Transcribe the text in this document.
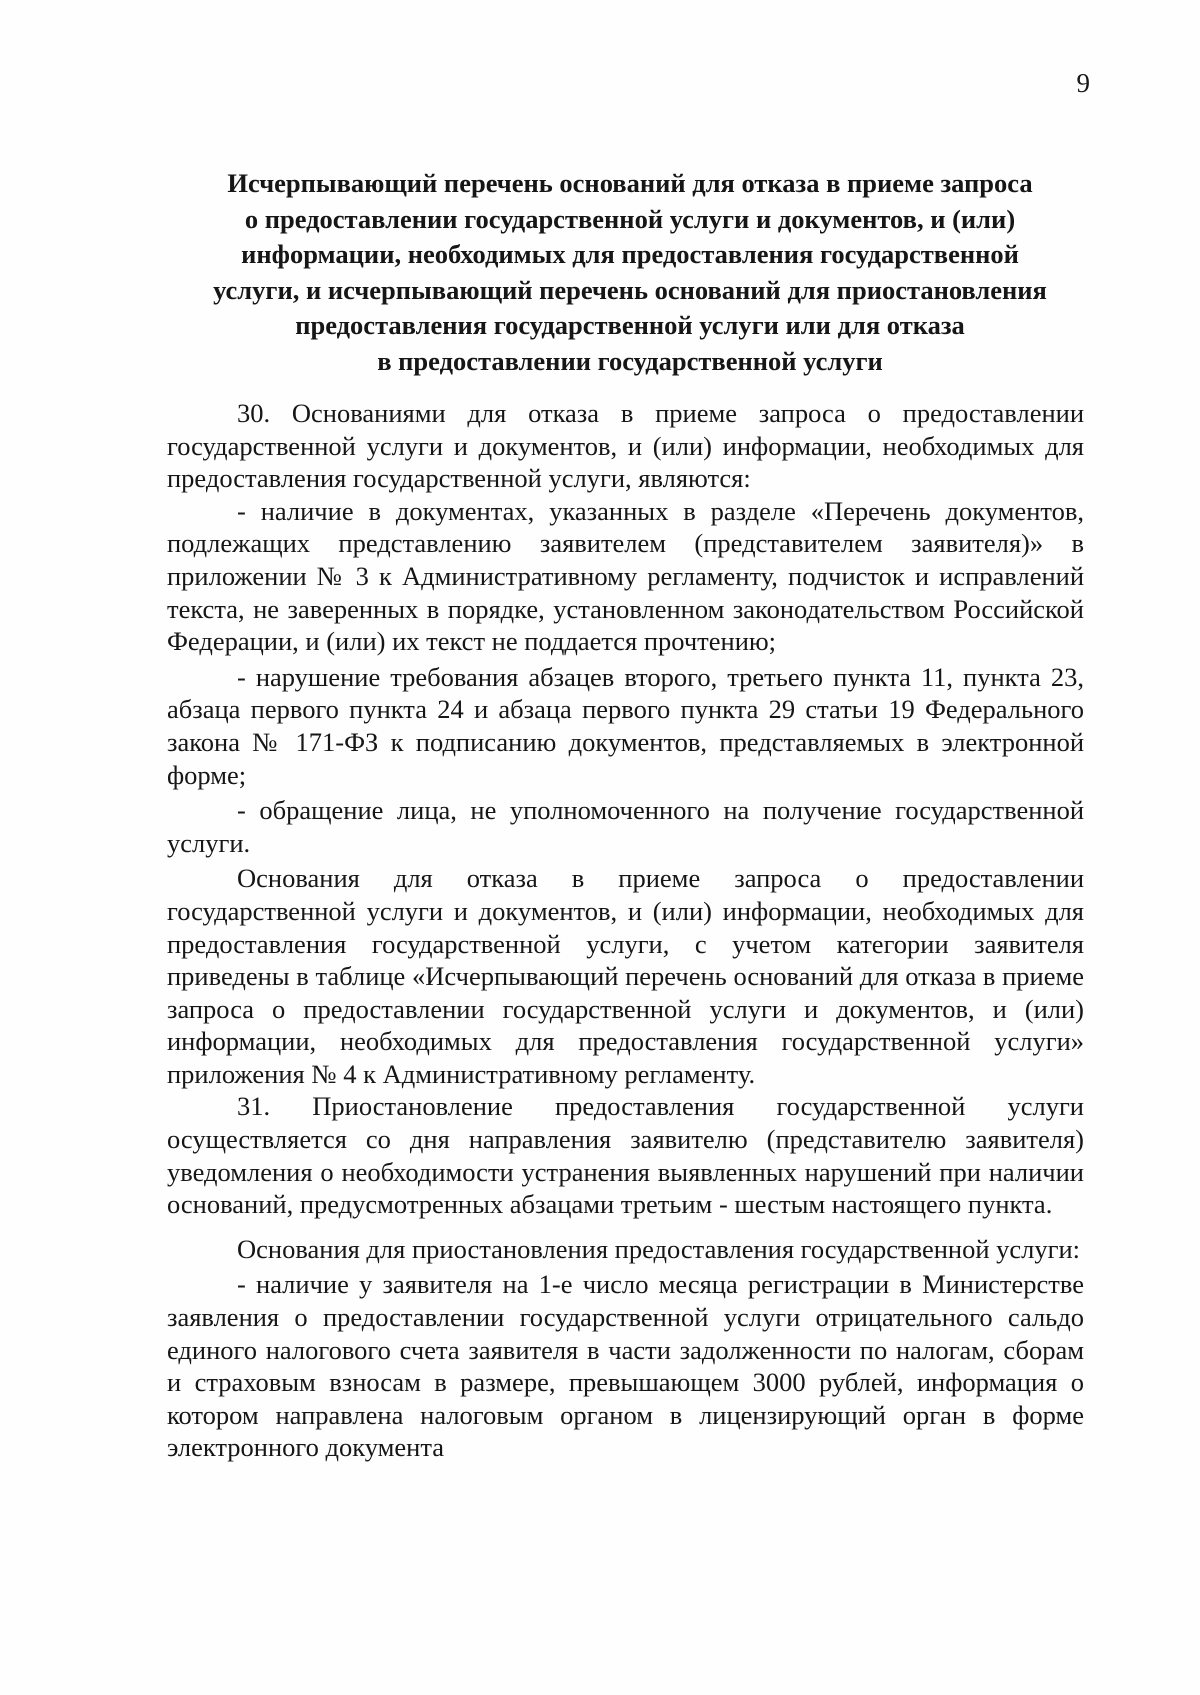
9
Исчерпывающий перечень оснований для отказа в приеме запроса
о предоставлении государственной услуги и документов, и (или)
информации, необходимых для предоставления государственной
услуги, и исчерпывающий перечень оснований для приостановления
предоставления государственной услуги или для отказа
в предоставлении государственной услуги

30. Основаниями для отказа в приеме запроса о предоставлении государственной услуги и документов, и (или) информации, необходимых для предоставления государственной услуги, являются:

- наличие в документах, указанных в разделе «Перечень документов, подлежащих представлению заявителем (представителем заявителя)» в приложении № 3 к Административному регламенту, подчисток и исправлений текста, не заверенных в порядке, установленном законодательством Российской Федерации, и (или) их текст не поддается прочтению;

- нарушение требования абзацев второго, третьего пункта 11, пункта 23, абзаца первого пункта 24 и абзаца первого пункта 29 статьи 19 Федерального закона № 171-ФЗ к подписанию документов, представляемых в электронной форме;

- обращение лица, не уполномоченного на получение государственной услуги.

Основания для отказа в приеме запроса о предоставлении государственной услуги и документов, и (или) информации, необходимых для предоставления государственной услуги, с учетом категории заявителя приведены в таблице «Исчерпывающий перечень оснований для отказа в приеме запроса о предоставлении государственной услуги и документов, и (или) информации, необходимых для предоставления государственной услуги» приложения № 4 к Административному регламенту.

31. Приостановление предоставления государственной услуги осуществляется со дня направления заявителю (представителю заявителя) уведомления о необходимости устранения выявленных нарушений при наличии оснований, предусмотренных абзацами третьим - шестым настоящего пункта.

Основания для приостановления предоставления государственной услуги:

- наличие у заявителя на 1-е число месяца регистрации в Министерстве заявления о предоставлении государственной услуги отрицательного сальдо единого налогового счета заявителя в части задолженности по налогам, сборам и страховым взносам в размере, превышающем 3000 рублей, информация о котором направлена налоговым органом в лицензирующий орган в форме электронного документа
